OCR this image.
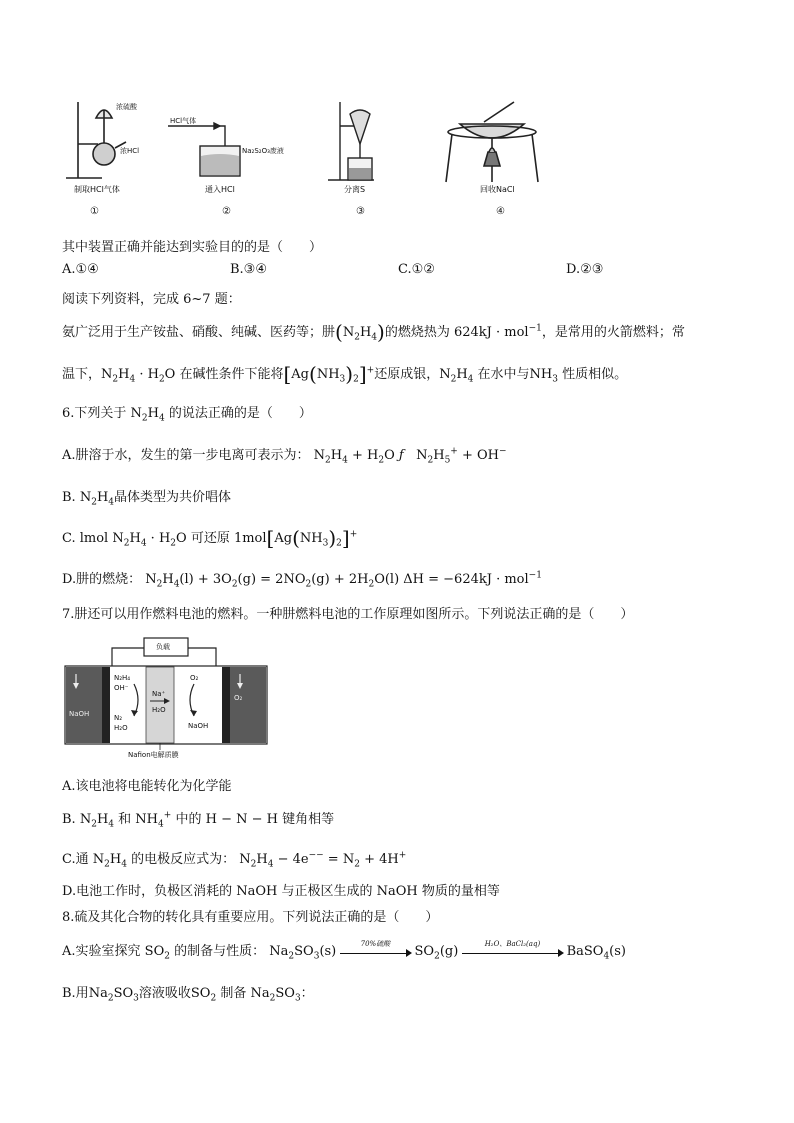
浓硫酸
浓HCl
HCl气体
Na₂S₂O₃废液
制取HCl气体	通入HCl	分离S	回收NaCl
①	②	③	④
其中装置正确并能达到实验目的的是（　　）
A.①④	B.③④	C.①②	D.②③
阅读下列资料，完成 6~7 题：
氨广泛用于生产铵盐、硝酸、纯碱、医药等；肼$(N_2H_4)$的燃烧热为 624kJ · mol$^{-1}$，是常用的火箭燃料；常
温下，$N_2H_4 \cdot H_2O$ 在碱性条件下能将$[Ag(NH_3)_2]^+$还原成银，$N_2H_4$ 在水中与$NH_3$ 性质相似。
6.下列关于 $N_2H_4$ 的说法正确的是（　　）
A.肼溶于水，发生的第一步电离可表示为： $N_2H_4 + H_2O$ ƒ   $N_2H_5^+ + OH^-$
B. $N_2H_4$晶体类型为共价唱体
C. lmol $N_2H_4 \cdot H_2O$ 可还原 $1mol[Ag(NH_3)_2]^+$
D.肼的燃烧： $N_2H_4(l) + 3O_2(g) = 2NO_2(g) + 2H_2O(l) \Delta H = -624kJ \cdot mol^{-1}$
7.肼还可以用作燃料电池的燃料。一种肼燃料电池的工作原理如图所示。下列说法正确的是（　　）
负载
NaOH
N₂H₄
OH⁻
N₂
H₂O
Na⁺
H₂O
O₂
NaOH
O₂
Nafion电解质膜
A.该电池将电能转化为化学能
B. $N_2H_4$ 和 $NH_4^+$ 中的 H − N − H 键角相等
C.通 $N_2H_4$ 的电极反应式为： $N_2H_4 - 4e^{--} = N_2 + 4H^+$
D.电池工作时，负极区消耗的 NaOH 与正极区生成的 NaOH 物质的量相等
8.硫及其化合物的转化具有重要应用。下列说法正确的是（　　）
A.实验室探究 $SO_2$ 的制备与性质： $Na_2SO_3(s)$
70%硫酸
$SO_2(g)$
H₂O、BaCl₂(aq)
BaSO$_4$(s)
B.用$Na_2SO_3$溶液吸收$SO_2$ 制备 $Na_2SO_3$：
